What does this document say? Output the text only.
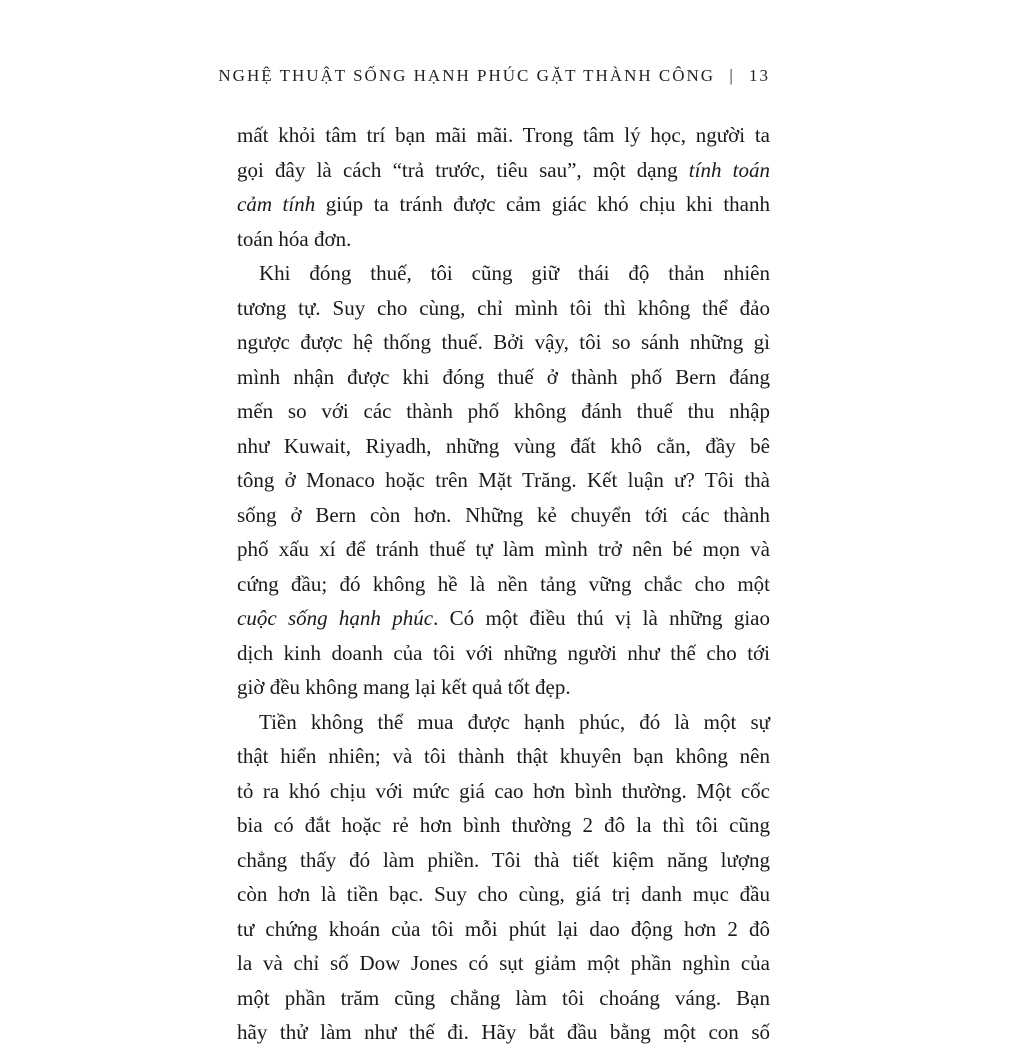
NGHỆ THUẬT SỐNG HẠNH PHÚC GẶT THÀNH CÔNG | 13
mất khỏi tâm trí bạn mãi mãi. Trong tâm lý học, người ta
gọi đây là cách “trả trước, tiêu sau”, một dạng tính toán
cảm tính giúp ta tránh được cảm giác khó chịu khi thanh
toán hóa đơn.
Khi đóng thuế, tôi cũng giữ thái độ thản nhiên
tương tự. Suy cho cùng, chỉ mình tôi thì không thể đảo
ngược được hệ thống thuế. Bởi vậy, tôi so sánh những gì
mình nhận được khi đóng thuế ở thành phố Bern đáng
mến so với các thành phố không đánh thuế thu nhập
như Kuwait, Riyadh, những vùng đất khô cằn, đầy bê
tông ở Monaco hoặc trên Mặt Trăng. Kết luận ư? Tôi thà
sống ở Bern còn hơn. Những kẻ chuyển tới các thành
phố xấu xí để tránh thuế tự làm mình trở nên bé mọn và
cứng đầu; đó không hề là nền tảng vững chắc cho một
cuộc sống hạnh phúc. Có một điều thú vị là những giao
dịch kinh doanh của tôi với những người như thế cho tới
giờ đều không mang lại kết quả tốt đẹp.
Tiền không thể mua được hạnh phúc, đó là một sự
thật hiển nhiên; và tôi thành thật khuyên bạn không nên
tỏ ra khó chịu với mức giá cao hơn bình thường. Một cốc
bia có đắt hoặc rẻ hơn bình thường 2 đô la thì tôi cũng
chẳng thấy đó làm phiền. Tôi thà tiết kiệm năng lượng
còn hơn là tiền bạc. Suy cho cùng, giá trị danh mục đầu
tư chứng khoán của tôi mỗi phút lại dao động hơn 2 đô
la và chỉ số Dow Jones có sụt giảm một phần nghìn của
một phần trăm cũng chẳng làm tôi choáng váng. Bạn
hãy thử làm như thế đi. Hãy bắt đầu bằng một con số
